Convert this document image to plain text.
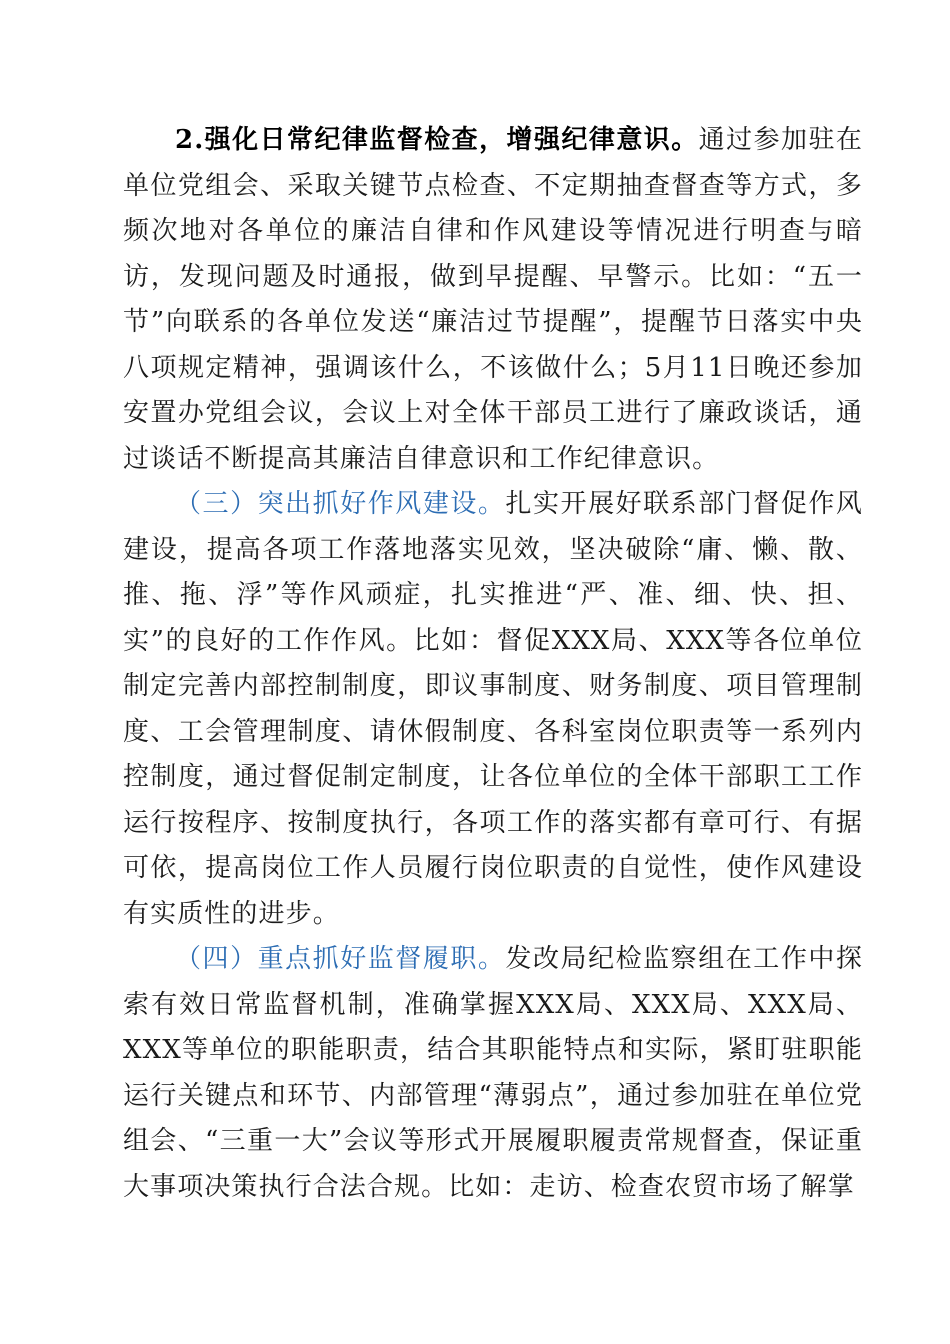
2.强化日常纪律监督检查，增强纪律意识。通过参加驻在单位党组会、采取关键节点检查、不定期抽查督查等方式，多频次地对各单位的廉洁自律和作风建设等情况进行明查与暗访，发现问题及时通报，做到早提醒、早警示。比如：“五一节”向联系的各单位发送“廉洁过节提醒”，提醒节日落实中央八项规定精神，强调该什么，不该做什么；5月11日晚还参加安置办党组会议，会议上对全体干部员工进行了廉政谈话，通过谈话不断提高其廉洁自律意识和工作纪律意识。

（三）突出抓好作风建设。扎实开展好联系部门督促作风建设，提高各项工作落地落实见效，坚决破除“庸、懒、散、推、拖、浮”等作风顽症，扎实推进“严、准、细、快、担、实”的良好的工作作风。比如：督促XXX局、XXX等各位单位制定完善内部控制制度，即议事制度、财务制度、项目管理制度、工会管理制度、请休假制度、各科室岗位职责等一系列内控制度，通过督促制定制度，让各位单位的全体干部职工工作运行按程序、按制度执行，各项工作的落实都有章可行、有据可依，提高岗位工作人员履行岗位职责的自觉性，使作风建设有实质性的进步。

（四）重点抓好监督履职。发改局纪检监察组在工作中探索有效日常监督机制，准确掌握XXX局、XXX局、XXX局、XXX等单位的职能职责，结合其职能特点和实际，紧盯驻职能运行关键点和环节、内部管理“薄弱点”，通过参加驻在单位党组会、“三重一大”会议等形式开展履职履责常规督查，保证重大事项决策执行合法合规。比如：走访、检查农贸市场了解掌
